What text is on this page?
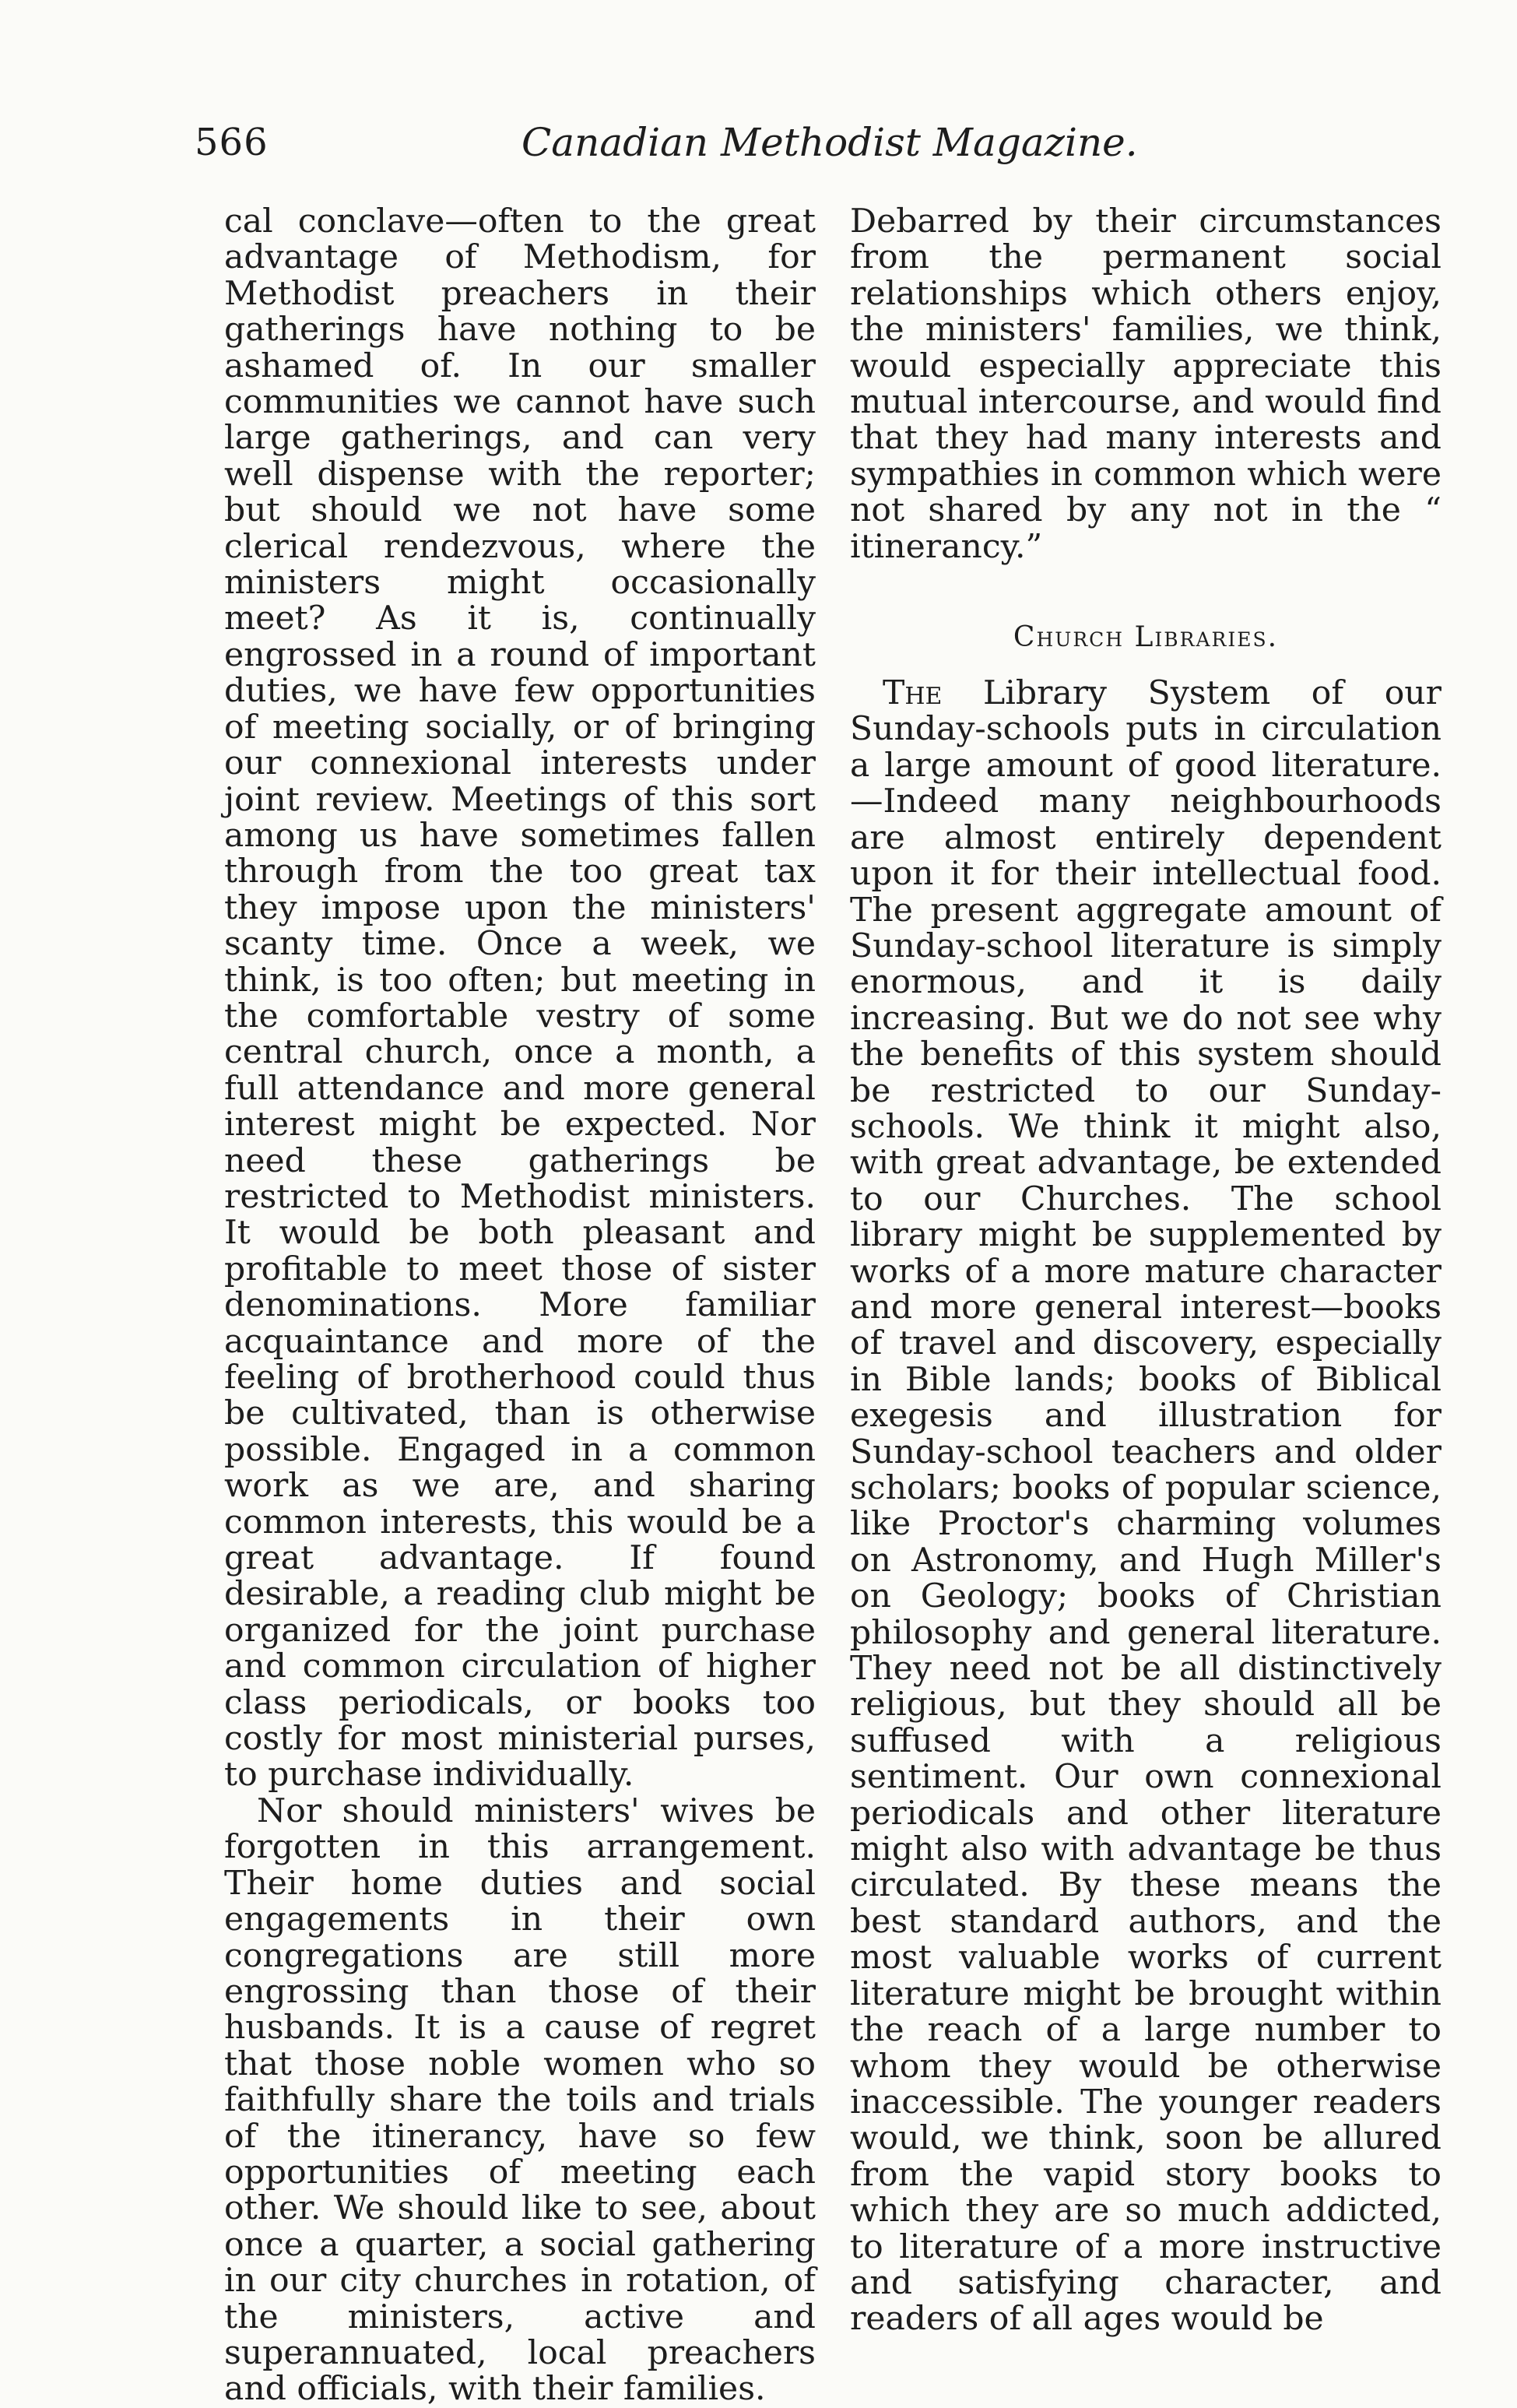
566	Canadian Methodist Magazine.

cal conclave—often to the great advantage of Methodism, for Methodist preachers in their gatherings have nothing to be ashamed of. In our smaller communities we cannot have such large gatherings, and can very well dispense with the reporter; but should we not have some clerical rendezvous, where the ministers might occasionally meet? As it is, continually engrossed in a round of important duties, we have few opportunities of meeting socially, or of bringing our connexional interests under joint review. Meetings of this sort among us have sometimes fallen through from the too great tax they impose upon the ministers' scanty time. Once a week, we think, is too often; but meeting in the comfortable vestry of some central church, once a month, a full attendance and more general interest might be expected. Nor need these gatherings be restricted to Methodist ministers. It would be both pleasant and profitable to meet those of sister denominations. More familiar acquaintance and more of the feeling of brotherhood could thus be cultivated, than is otherwise possible. Engaged in a common work as we are, and sharing common interests, this would be a great advantage. If found desirable, a reading club might be organized for the joint purchase and common circulation of higher class periodicals, or books too costly for most ministerial purses, to purchase individually.

Nor should ministers' wives be forgotten in this arrangement. Their home duties and social engagements in their own congregations are still more engrossing than those of their husbands. It is a cause of regret that those noble women who so faithfully share the toils and trials of the itinerancy, have so few opportunities of meeting each other. We should like to see, about once a quarter, a social gathering in our city churches in rotation, of the ministers, active and superannuated, local preachers and officials, with their families.

Debarred by their circumstances from the permanent social relationships which others enjoy, the ministers' families, we think, would especially appreciate this mutual intercourse, and would find that they had many interests and sympathies in common which were not shared by any not in the “ itinerancy.”

Church Libraries.

The Library System of our Sunday-schools puts in circulation a large amount of good literature.—Indeed many neighbourhoods are almost entirely dependent upon it for their intellectual food. The present aggregate amount of Sunday-school literature is simply enormous, and it is daily increasing. But we do not see why the benefits of this system should be restricted to our Sunday-schools. We think it might also, with great advantage, be extended to our Churches. The school library might be supplemented by works of a more mature character and more general interest—books of travel and discovery, especially in Bible lands; books of Biblical exegesis and illustration for Sunday-school teachers and older scholars; books of popular science, like Proctor's charming volumes on Astronomy, and Hugh Miller's on Geology; books of Christian philosophy and general literature. They need not be all distinctively religious, but they should all be suffused with a religious sentiment. Our own connexional periodicals and other literature might also with advantage be thus circulated. By these means the best standard authors, and the most valuable works of current literature might be brought within the reach of a large number to whom they would be otherwise inaccessible. The younger readers would, we think, soon be allured from the vapid story books to which they are so much addicted, to literature of a more instructive and satisfying character, and readers of all ages would be
